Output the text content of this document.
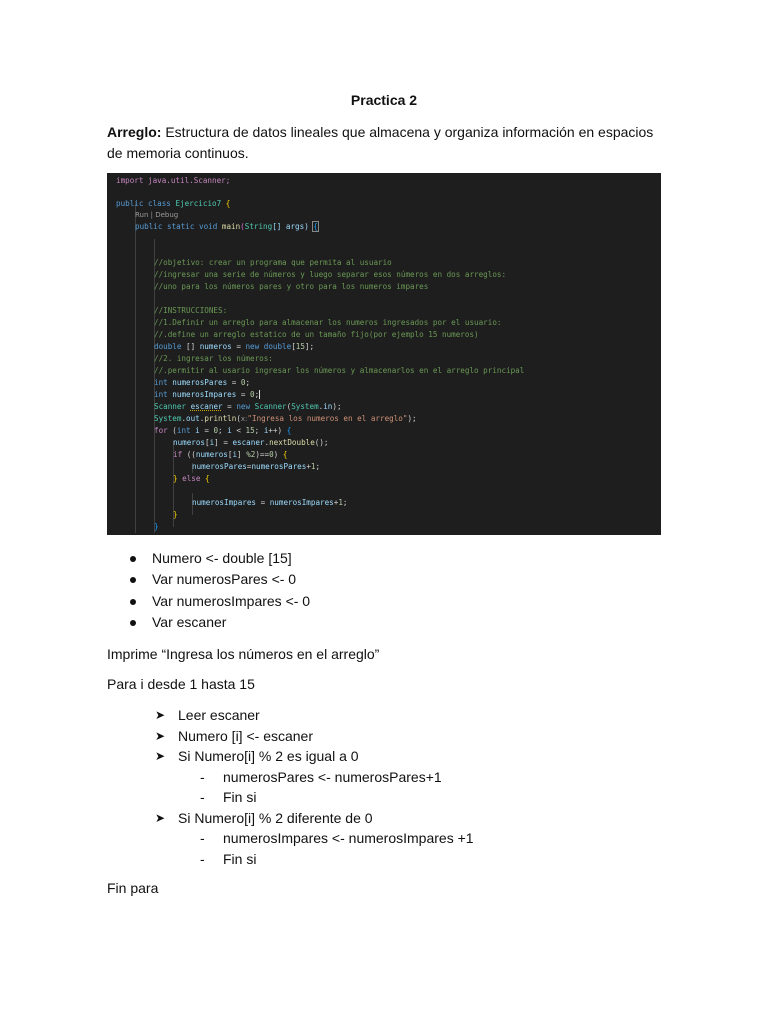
Practica 2
Arreglo: Estructura de datos lineales que almacena y organiza información en espacios de memoria continuos.
import java.util.Scanner;
public class Ejercicio7 {
Run | Debug
public static void main(String[] args) {
//objetivo: crear un programa que permita al usuario
//ingresar una serie de números y luego separar esos números en dos arreglos:
//uno para los números pares y otro para los numeros impares
//INSTRUCCIONES:
//1.Definir un arreglo para almacenar los numeros ingresados por el usuario:
//.define un arreglo estatico de un tamaño fijo(por ejemplo 15 numeros)
double [] numeros = new double[15];
//2. ingresar los números:
//.permitir al usario ingresar los números y almacenarlos en el arreglo principal
int numerosPares = 0;
int numerosImpares = 0;
Scanner escaner = new Scanner(System.in);
System.out.println(x:"Ingresa los numeros en el arreglo");
for (int i = 0; i < 15; i++) {
numeros[i] = escaner.nextDouble();
if ((numeros[i] %2)==0) {
numerosPares=numerosPares+1;
} else {
numerosImpares = numerosImpares+1;
}
}
Numero <- double [15]
Var numerosPares <- 0
Var numerosImpares <- 0
Var escaner
Imprime “Ingresa los números en el arreglo”
Para i desde 1 hasta 15
➤ Leer escaner
➤ Numero [i] <- escaner
➤ Si Numero[i] % 2 es igual a 0
- numerosPares <- numerosPares+1
- Fin si
➤ Si Numero[i] % 2 diferente de 0
- numerosImpares <- numerosImpares +1
- Fin si
Fin para
